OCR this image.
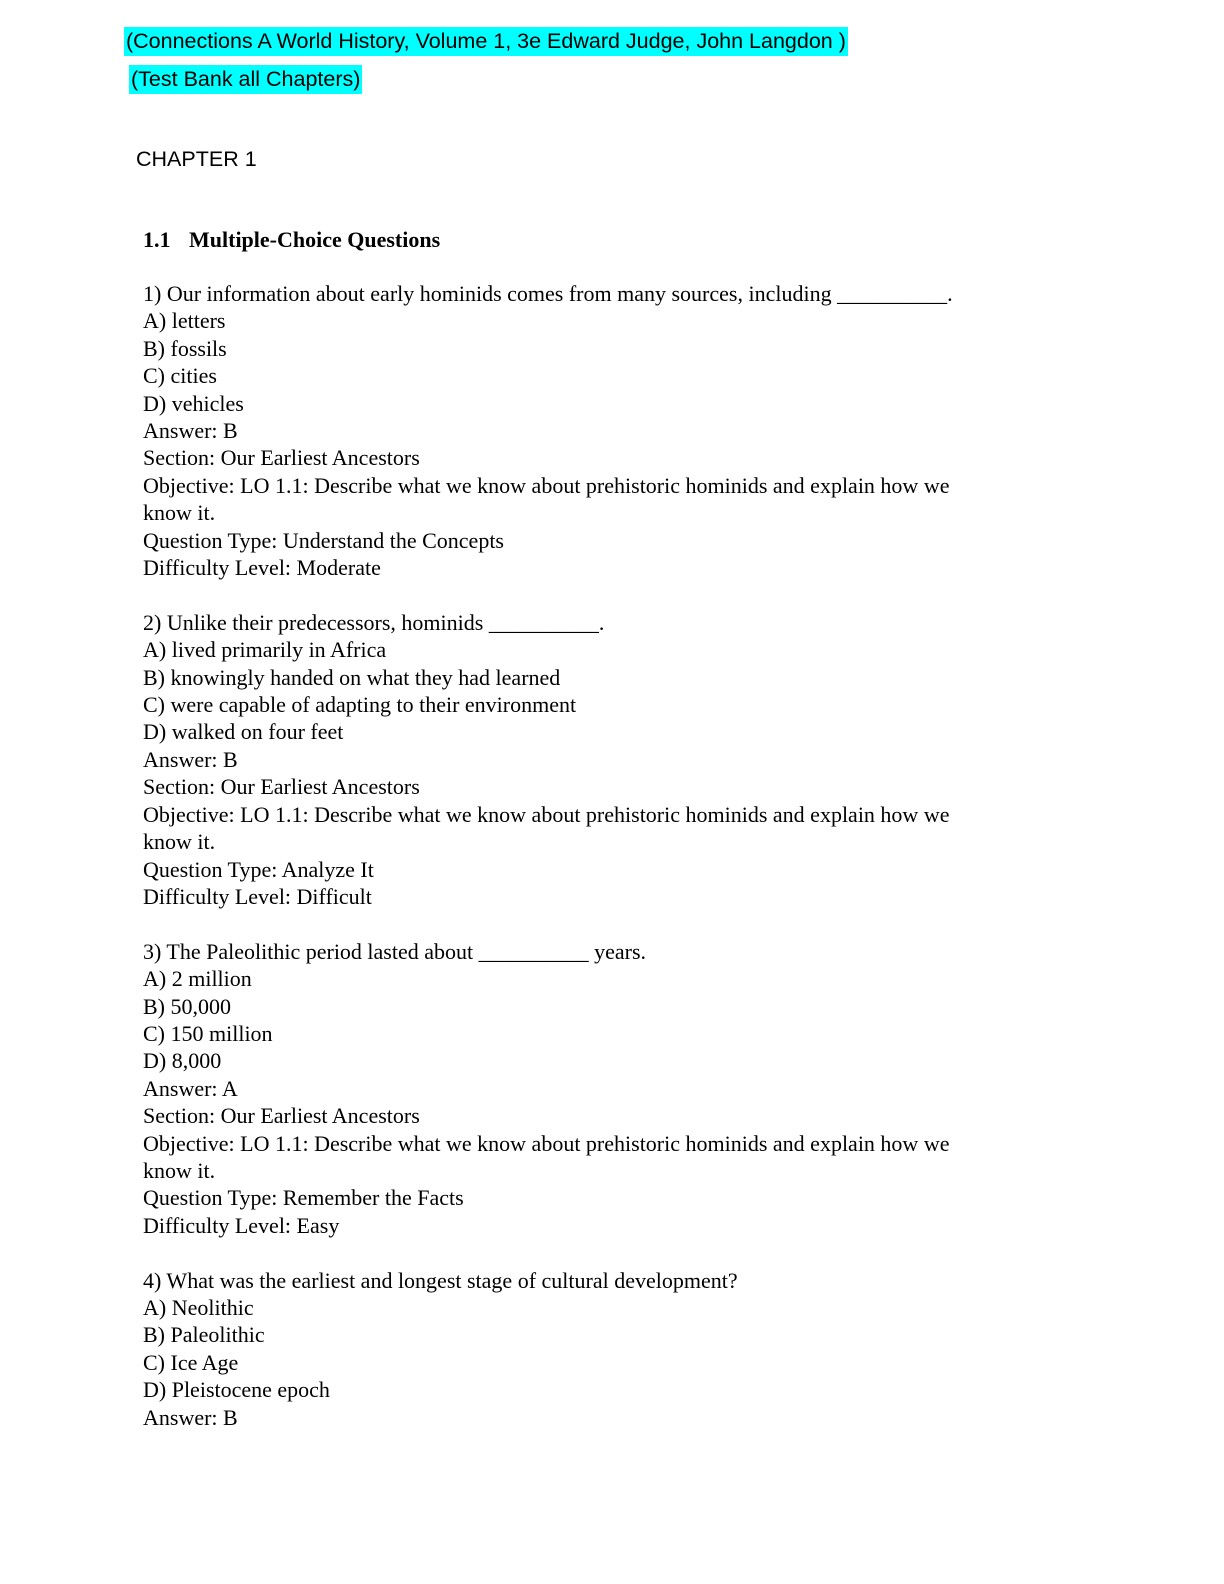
(Connections A World History, Volume 1, 3e Edward Judge, John Langdon )
(Test Bank all Chapters)
CHAPTER 1
1.1 Multiple-Choice Questions
1) Our information about early hominids comes from many sources, including __________.
A) letters
B) fossils
C) cities
D) vehicles
Answer: B
Section: Our Earliest Ancestors
Objective: LO 1.1: Describe what we know about prehistoric hominids and explain how we
know it.
Question Type: Understand the Concepts
Difficulty Level: Moderate
2) Unlike their predecessors, hominids __________.
A) lived primarily in Africa
B) knowingly handed on what they had learned
C) were capable of adapting to their environment
D) walked on four feet
Answer: B
Section: Our Earliest Ancestors
Objective: LO 1.1: Describe what we know about prehistoric hominids and explain how we
know it.
Question Type: Analyze It
Difficulty Level: Difficult
3) The Paleolithic period lasted about __________ years.
A) 2 million
B) 50,000
C) 150 million
D) 8,000
Answer: A
Section: Our Earliest Ancestors
Objective: LO 1.1: Describe what we know about prehistoric hominids and explain how we
know it.
Question Type: Remember the Facts
Difficulty Level: Easy
4) What was the earliest and longest stage of cultural development?
A) Neolithic
B) Paleolithic
C) Ice Age
D) Pleistocene epoch
Answer: B
